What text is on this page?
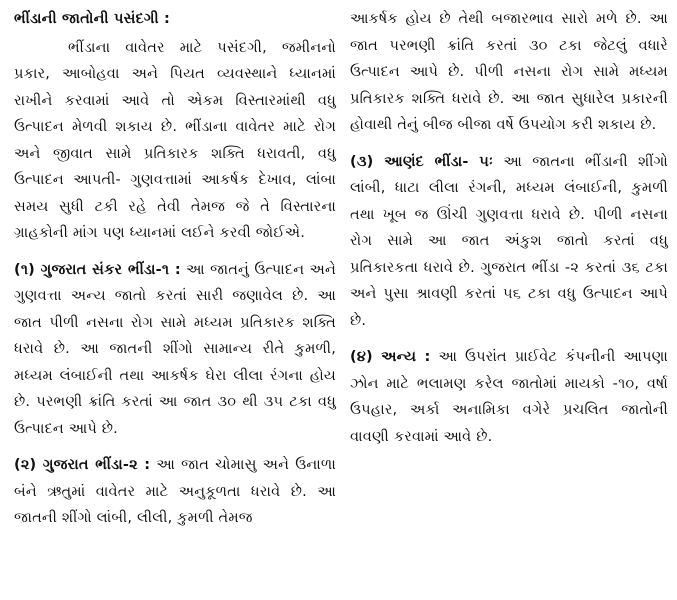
ભીંડાની જાતોની પસંદગી :

ભીંડાના વાવેતર માટે પસંદગી, જમીનનો પ્રકાર, આબોહવા અને પિયત વ્યવસ્થાને ધ્યાનમાં રાખીને કરવામાં આવે તો એકમ વિસ્તારમાંથી વધુ ઉત્પાદન મેળવી શકાય છે. ભીંડાના વાવેતર માટે રોગ અને જીવાત સામે પ્રતિકારક શક્તિ ધરાવતી, વધુ ઉત્પાદન આપતી- ગુણવત્તામાં આકર્ષક દેખાવ, લાંબા સમય સુધી ટકી રહે તેવી તેમજ જે તે વિસ્તારના ગ્રાહકોની માંગ પણ ધ્યાનમાં લઈને કરવી જોઈએ.

(૧) ગુજરાત સંકર ભીંડા-૧ : આ જાતનું ઉત્પાદન અને ગુણવત્તા અન્ય જાતો કરતાં સારી જણાવેલ છે. આ જાત પીળી નસના રોગ સામે મધ્યમ પ્રતિકારક શક્તિ ધરાવે છે. આ જાતની શીંગો સામાન્ય રીતે કુમળી, મધ્યમ લંબાઈની તથા આકર્ષક ઘેરા લીલા રંગના હોય છે. પરભણી ક્રાંતિ કરતાં આ જાત ૩૦ થી ૩૫ ટકા વધુ ઉત્પાદન આપે છે.

(૨) ગુજરાત ભીંડા-૨ : આ જાત ચોમાસુ અને ઉનાળા બંને ઋતુમાં વાવેતર માટે અનુકૂળતા ધરાવે છે. આ જાતની શીંગો લાંબી, લીલી, કુમળી તેમજ

આકર્ષક હોય છે તેથી બજારભાવ સારો મળે છે. આ જાત પરભણી ક્રાંતિ કરતાં ૩૦ ટકા જેટલું વધારે ઉત્પાદન આપે છે. પીળી નસના રોગ સામે મધ્યમ પ્રતિકારક શક્તિ ધરાવે છે. આ જાત સુધારેલ પ્રકારની હોવાથી તેનું બીજ બીજા વર્ષે ઉપયોગ કરી શકાય છે.

(૩) આણંદ ભીંડા- ૫ઃ આ જાતના ભીંડાની શીંગો લાંબી, ધાટા લીલા રંગની, મધ્યમ લંબાઈની, કુમળી તથા ખૂબ જ ઊંચી ગુણવત્તા ધરાવે છે. પીળી નસના રોગ સામે આ જાત અંકુશ જાતો કરતાં વધુ પ્રતિકારકતા ધરાવે છે. ગુજરાત ભીંડા -૨ કરતાં ૩૬ ટકા અને પુસા શ્રાવણી કરતાં ૫૬ ટકા વધુ ઉત્પાદન આપે છે.

(૪) અન્ય : આ ઉપરાંત પ્રાઈવેટ કંપનીની આપણા ઝોન માટે ભલામણ કરેલ જાતોમાં માયકો -૧૦, વર્ષા ઉપહાર, અર્કા અનામિકા વગેરે પ્રચલિત જાતોની વાવણી કરવામાં આવે છે.
